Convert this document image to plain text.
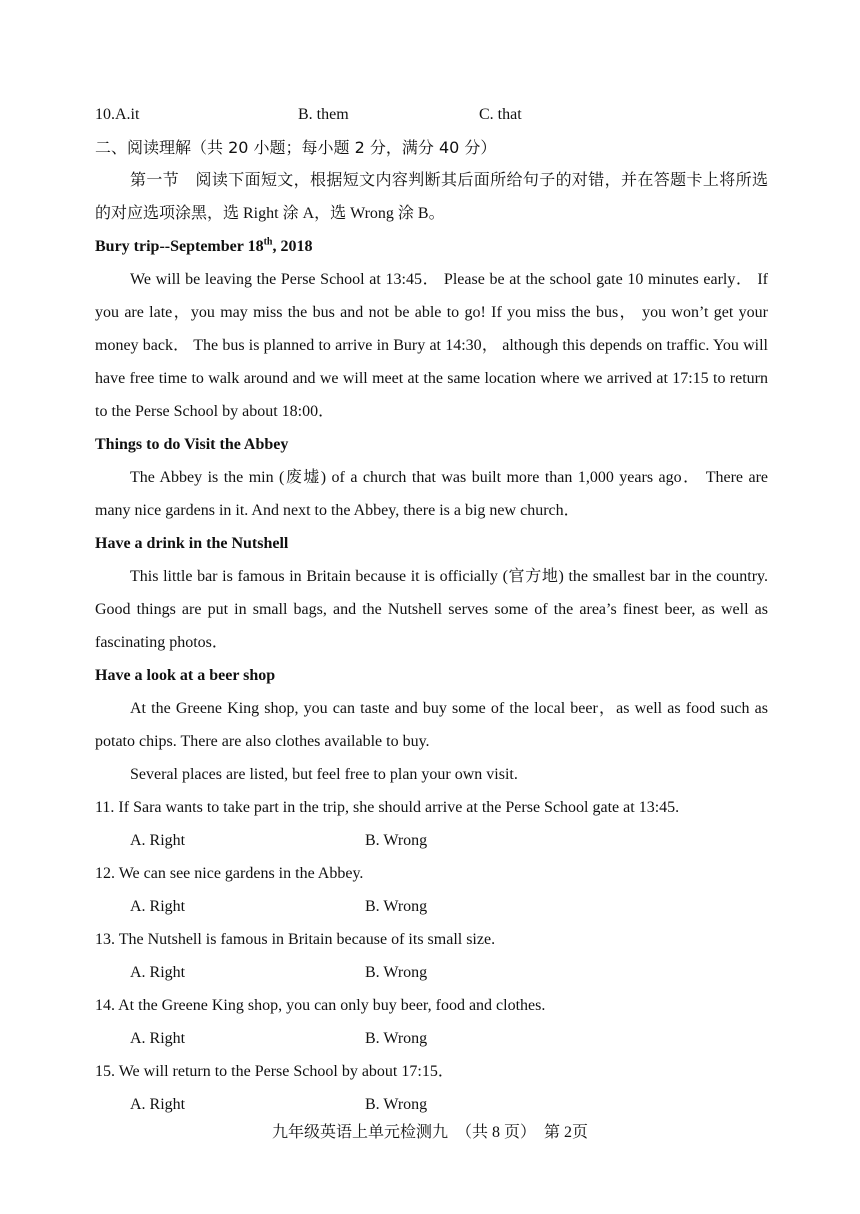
10.A.it	B. them	C. that
二、阅读理解（共 20 小题；每小题 2 分，满分 40 分）
第一节　阅读下面短文，根据短文内容判断其后面所给句子的对错，并在答题卡上将所选的对应选项涂黑，选 Right 涂 A，选 Wrong 涂 B。
Bury trip--September 18th, 2018
We will be leaving the Perse School at 13:45． Please be at the school gate 10 minutes early． If you are late，you may miss the bus and not be able to go! If you miss the bus， you won’t get your money back． The bus is planned to arrive in Bury at 14:30， although this depends on traffic. You will have free time to walk around and we will meet at the same location where we arrived at 17:15 to return to the Perse School by about 18:00．
Things to do Visit the Abbey
The Abbey is the min (废墟) of a church that was built more than 1,000 years ago． There are many nice gardens in it. And next to the Abbey, there is a big new church．
Have a drink in the Nutshell
This little bar is famous in Britain because it is officially (官方地) the smallest bar in the country. Good things are put in small bags, and the Nutshell serves some of the area’s finest beer, as well as fascinating photos．
Have a look at a beer shop
At the Greene King shop, you can taste and buy some of the local beer，as well as food such as potato chips. There are also clothes available to buy.
Several places are listed, but feel free to plan your own visit.
11. If Sara wants to take part in the trip, she should arrive at the Perse School gate at 13:45.
A. Right	B. Wrong
12. We can see nice gardens in the Abbey.
A. Right	B. Wrong
13. The Nutshell is famous in Britain because of its small size.
A. Right	B. Wrong
14. At the Greene King shop, you can only buy beer, food and clothes.
A. Right	B. Wrong
15. We will return to the Perse School by about 17:15．
A. Right	B. Wrong
九年级英语上单元检测九　（共 8 页）　第 2页
